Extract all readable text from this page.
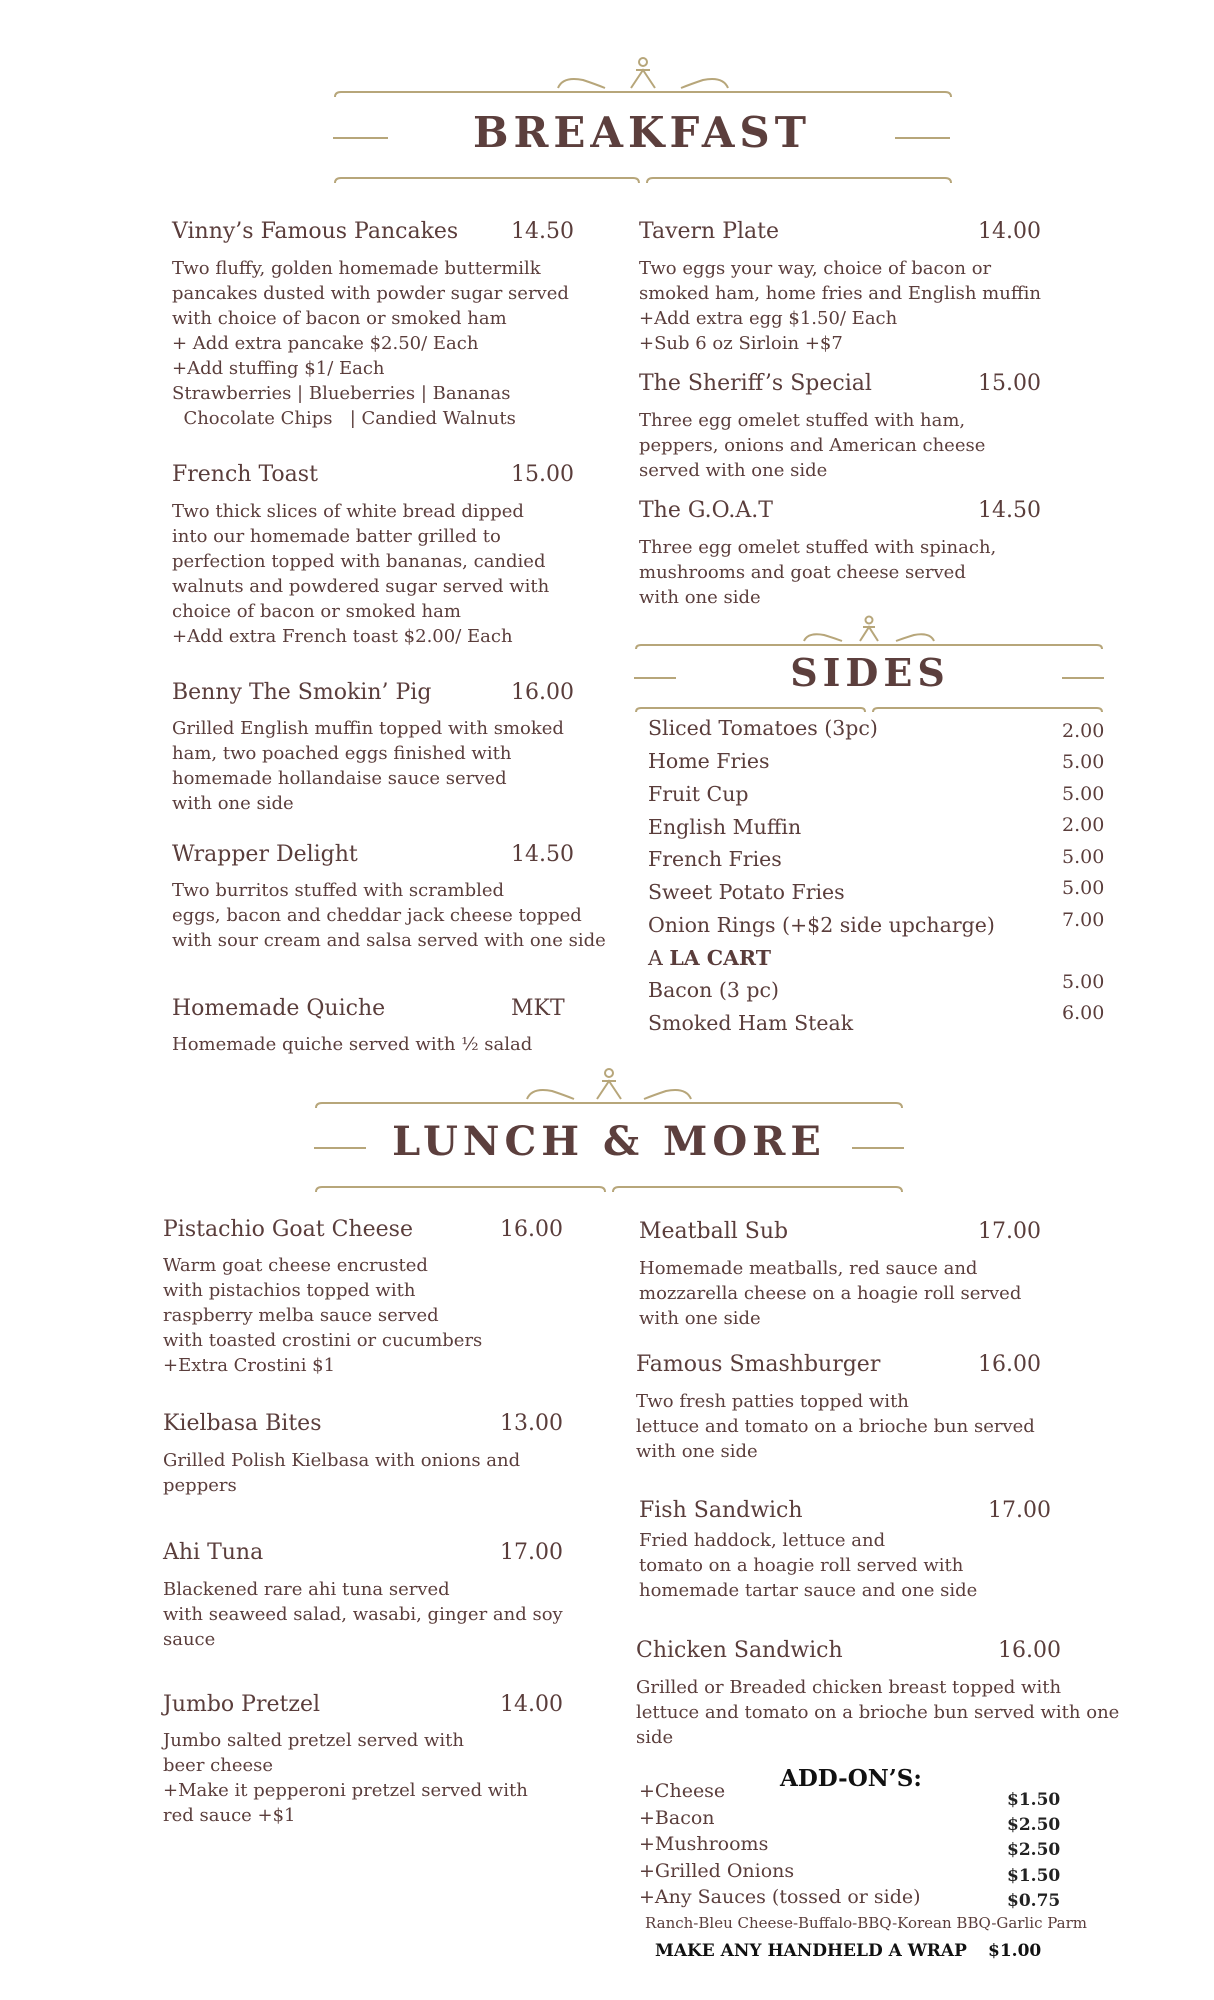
BREAKFAST
Vinny’s Famous Pancakes 14.50
Two fluffy, golden homemade buttermilk
pancakes dusted with powder sugar served
with choice of bacon or smoked ham
+ Add extra pancake $2.50/ Each
+Add stuffing $1/ Each
Strawberries | Blueberries | Bananas
Chocolate Chips   | Candied Walnuts
French Toast	15.00
Two thick slices of white bread dipped
into our homemade batter grilled to
perfection topped with bananas, candied
walnuts and powdered sugar served with
choice of bacon or smoked ham
+Add extra French toast $2.00/ Each
Benny The Smokin’ Pig	16.00
Grilled English muffin topped with smoked
ham, two poached eggs finished with
homemade hollandaise sauce served
with one side
Wrapper Delight	14.50
Two burritos stuffed with scrambled
eggs, bacon and cheddar jack cheese topped
with sour cream and salsa served with one side
Homemade Quiche	MKT
Homemade quiche served with ½ salad
Tavern Plate	14.00
Two eggs your way, choice of bacon or
smoked ham, home fries and English muffin
+Add extra egg $1.50/ Each
+Sub 6 oz Sirloin +$7
The Sheriff’s Special	15.00
Three egg omelet stuffed with ham,
peppers, onions and American cheese
served with one side
The G.O.A.T	14.50
Three egg omelet stuffed with spinach,
mushrooms and goat cheese served
with one side
SIDES
Sliced Tomatoes (3pc)	2.00
Home Fries	5.00
Fruit Cup	5.00
English Muffin	2.00
French Fries	5.00
Sweet Potato Fries	5.00
Onion Rings (+$2 side upcharge)	7.00
A LA CART
Bacon (3 pc)	5.00
Smoked Ham Steak	6.00
LUNCH & MORE
Pistachio Goat Cheese	16.00
Warm goat cheese encrusted
with pistachios topped with
raspberry melba sauce served
with toasted crostini or cucumbers
+Extra Crostini $1
Kielbasa Bites	13.00
Grilled Polish Kielbasa with onions and
peppers
Ahi Tuna	17.00
Blackened rare ahi tuna served
with seaweed salad, wasabi, ginger and soy
sauce
Jumbo Pretzel	14.00
Jumbo salted pretzel served with
beer cheese
+Make it pepperoni pretzel served with
red sauce +$1
Meatball Sub	17.00
Homemade meatballs, red sauce and
mozzarella cheese on a hoagie roll served
with one side
Famous Smashburger	16.00
Two fresh patties topped with
lettuce and tomato on a brioche bun served
with one side
Fish Sandwich	17.00
Fried haddock, lettuce and
tomato on a hoagie roll served with
homemade tartar sauce and one side
Chicken Sandwich	16.00
Grilled or Breaded chicken breast topped with
lettuce and tomato on a brioche bun served with one
side
ADD-ON’S:
+Cheese	$1.50
+Bacon	$2.50
+Mushrooms	$2.50
+Grilled Onions	$1.50
+Any Sauces (tossed or side)	$0.75
Ranch-Bleu Cheese-Buffalo-BBQ-Korean BBQ-Garlic Parm
MAKE ANY HANDHELD A WRAP $1.00
